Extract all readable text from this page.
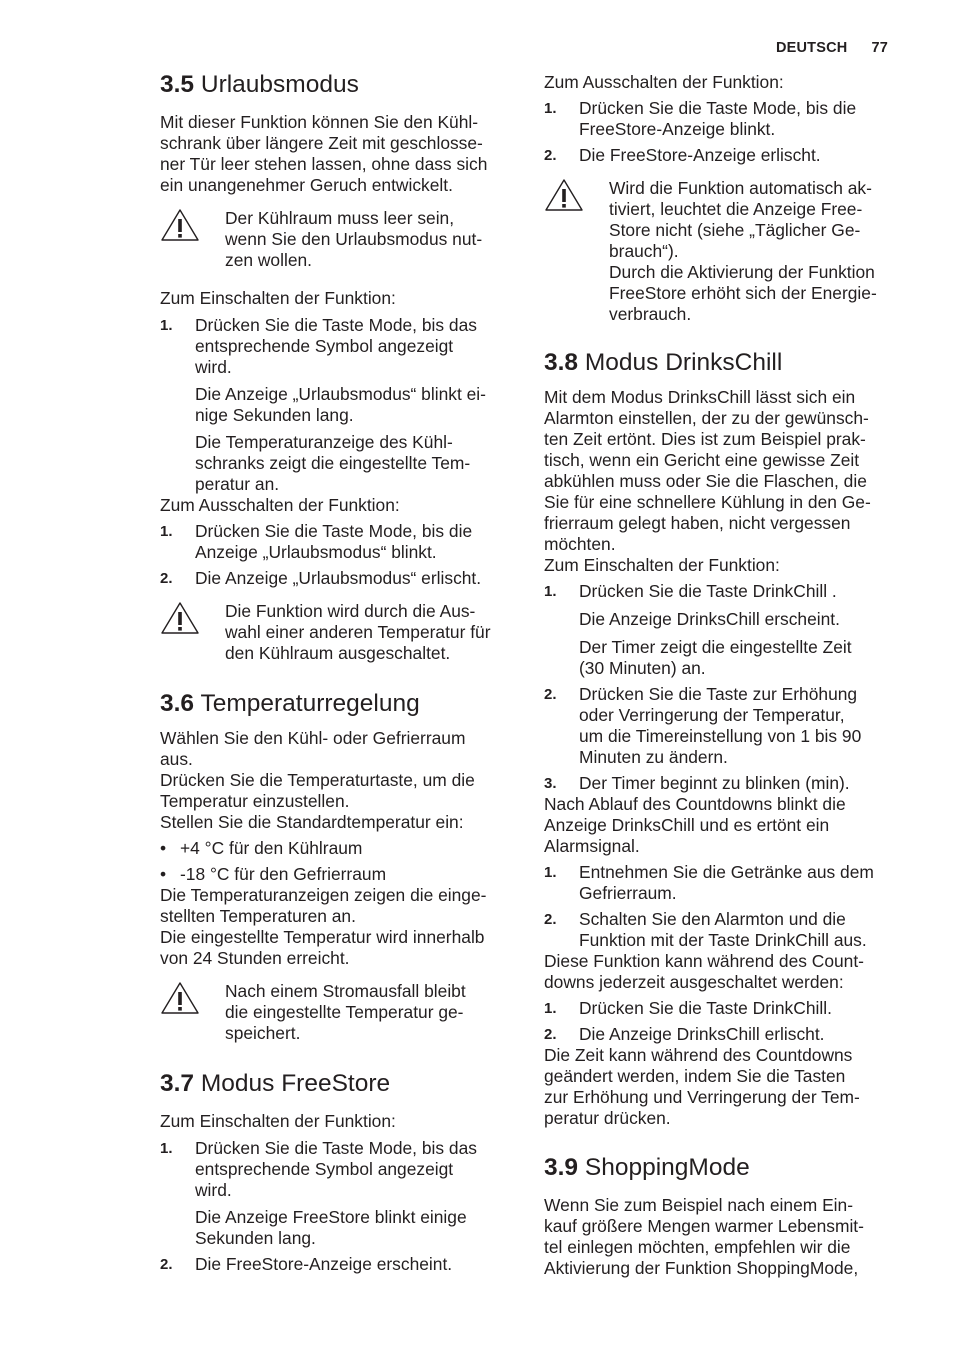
DEUTSCH 77
3.5 Urlaubsmodus

Mit dieser Funktion können Sie den Kühl-
schrank über längere Zeit mit geschlosse-
ner Tür leer stehen lassen, ohne dass sich
ein unangenehmer Geruch entwickelt.

Der Kühlraum muss leer sein,
wenn Sie den Urlaubsmodus nut-
zen wollen.

Zum Einschalten der Funktion:

1. Drücken Sie die Taste Mode, bis das
entsprechende Symbol angezeigt
wird.

Die Anzeige „Urlaubsmodus“ blinkt ei-
nige Sekunden lang.

Die Temperaturanzeige des Kühl-
schranks zeigt die eingestellte Tem-
peratur an.

Zum Ausschalten der Funktion:

1. Drücken Sie die Taste Mode, bis die
Anzeige „Urlaubsmodus“ blinkt.
2. Die Anzeige „Urlaubsmodus“ erlischt.

Die Funktion wird durch die Aus-
wahl einer anderen Temperatur für
den Kühlraum ausgeschaltet.

3.6 Temperaturregelung

Wählen Sie den Kühl- oder Gefrierraum
aus.
Drücken Sie die Temperaturtaste, um die
Temperatur einzustellen.
Stellen Sie die Standardtemperatur ein:

• +4 °C für den Kühlraum
• -18 °C für den Gefrierraum

Die Temperaturanzeigen zeigen die einge-
stellten Temperaturen an.
Die eingestellte Temperatur wird innerhalb
von 24 Stunden erreicht.

Nach einem Stromausfall bleibt
die eingestellte Temperatur ge-
speichert.

3.7 Modus FreeStore

Zum Einschalten der Funktion:

1. Drücken Sie die Taste Mode, bis das
entsprechende Symbol angezeigt
wird.

Die Anzeige FreeStore blinkt einige
Sekunden lang.

2. Die FreeStore-Anzeige erscheint.

Zum Ausschalten der Funktion:

1. Drücken Sie die Taste Mode, bis die
FreeStore-Anzeige blinkt.
2. Die FreeStore-Anzeige erlischt.

Wird die Funktion automatisch ak-
tiviert, leuchtet die Anzeige Free-
Store nicht (siehe „Täglicher Ge-
brauch“).
Durch die Aktivierung der Funktion
FreeStore erhöht sich der Energie-
verbrauch.

3.8 Modus DrinksChill

Mit dem Modus DrinksChill lässt sich ein
Alarmton einstellen, der zu der gewünsch-
ten Zeit ertönt. Dies ist zum Beispiel prak-
tisch, wenn ein Gericht eine gewisse Zeit
abkühlen muss oder Sie die Flaschen, die
Sie für eine schnellere Kühlung in den Ge-
frierraum gelegt haben, nicht vergessen
möchten.

Zum Einschalten der Funktion:

1. Drücken Sie die Taste DrinkChill .

Die Anzeige DrinksChill erscheint.

Der Timer zeigt die eingestellte Zeit
(30 Minuten) an.

2. Drücken Sie die Taste zur Erhöhung
oder Verringerung der Temperatur,
um die Timereinstellung von 1 bis 90
Minuten zu ändern.
3. Der Timer beginnt zu blinken (min).

Nach Ablauf des Countdowns blinkt die
Anzeige DrinksChill und es ertönt ein
Alarmsignal.

1. Entnehmen Sie die Getränke aus dem
Gefrierraum.
2. Schalten Sie den Alarmton und die
Funktion mit der Taste DrinkChill aus.

Diese Funktion kann während des Count-
downs jederzeit ausgeschaltet werden:

1. Drücken Sie die Taste DrinkChill.
2. Die Anzeige DrinksChill erlischt.

Die Zeit kann während des Countdowns
geändert werden, indem Sie die Tasten
zur Erhöhung und Verringerung der Tem-
peratur drücken.

3.9 ShoppingMode

Wenn Sie zum Beispiel nach einem Ein-
kauf größere Mengen warmer Lebensmit-
tel einlegen möchten, empfehlen wir die
Aktivierung der Funktion ShoppingMode,
